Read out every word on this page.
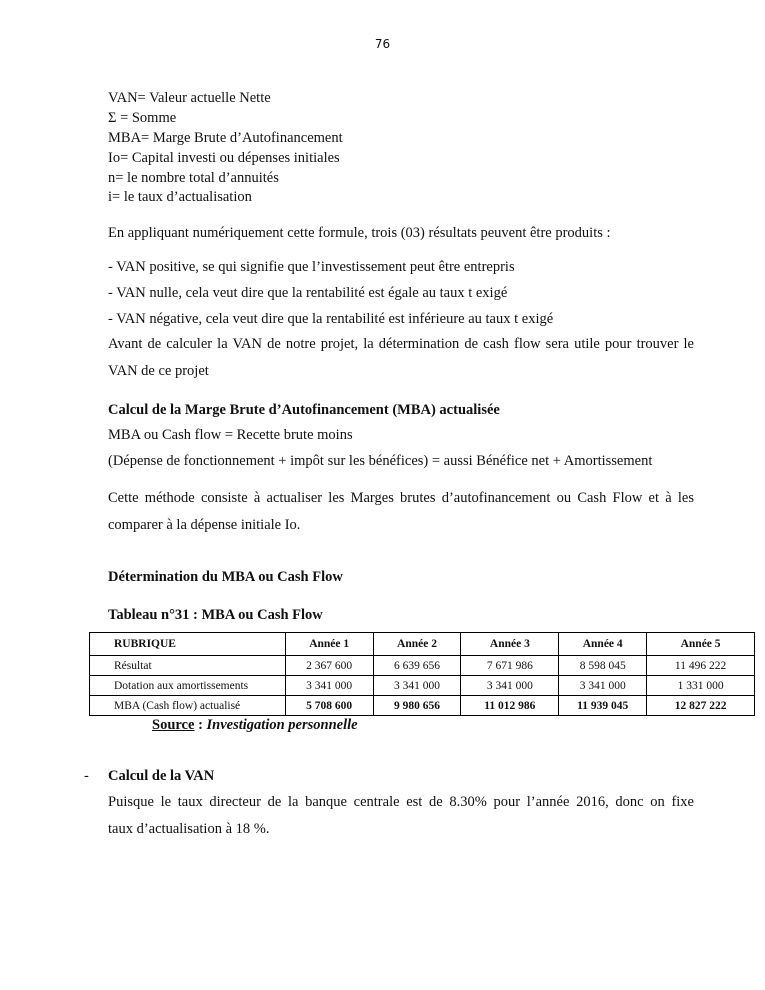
76
VAN= Valeur actuelle Nette
Σ = Somme
MBA= Marge Brute d’Autofinancement
Io= Capital investi ou dépenses initiales
n= le nombre total d’annuités
i= le taux d’actualisation
En appliquant numériquement cette formule, trois (03) résultats peuvent être produits :
- VAN positive, se qui signifie que l’investissement peut être entrepris
- VAN nulle, cela veut dire que la rentabilité est égale au taux t exigé
- VAN négative, cela veut dire que la rentabilité est inférieure au taux t exigé
Avant de calculer la VAN de notre projet, la détermination de cash flow sera utile pour trouver le
VAN de ce projet
Calcul de la Marge Brute d’Autofinancement (MBA) actualisée
MBA ou Cash flow = Recette brute moins
(Dépense de fonctionnement + impôt sur les bénéfices) = aussi Bénéfice net + Amortissement
Cette méthode consiste à actualiser les Marges brutes d’autofinancement ou Cash Flow et à les
comparer à la dépense initiale Io.
Détermination du MBA ou Cash Flow
Tableau n°31 : MBA ou Cash Flow
RUBRIQUE	Année 1	Année 2	Année 3	Année 4	Année 5
Résultat	2 367 600	6 639 656	7 671 986	8 598 045	11 496 222
Dotation aux amortissements	3 341 000	3 341 000	3 341 000	3 341 000	1 331 000
MBA (Cash flow) actualisé	5 708 600	9 980 656	11 012 986	11 939 045	12 827 222
Source : Investigation personnelle
- Calcul de la VAN
Puisque le taux directeur de la banque centrale est de 8.30% pour l’année 2016, donc on fixe
taux d’actualisation à 18 %.
